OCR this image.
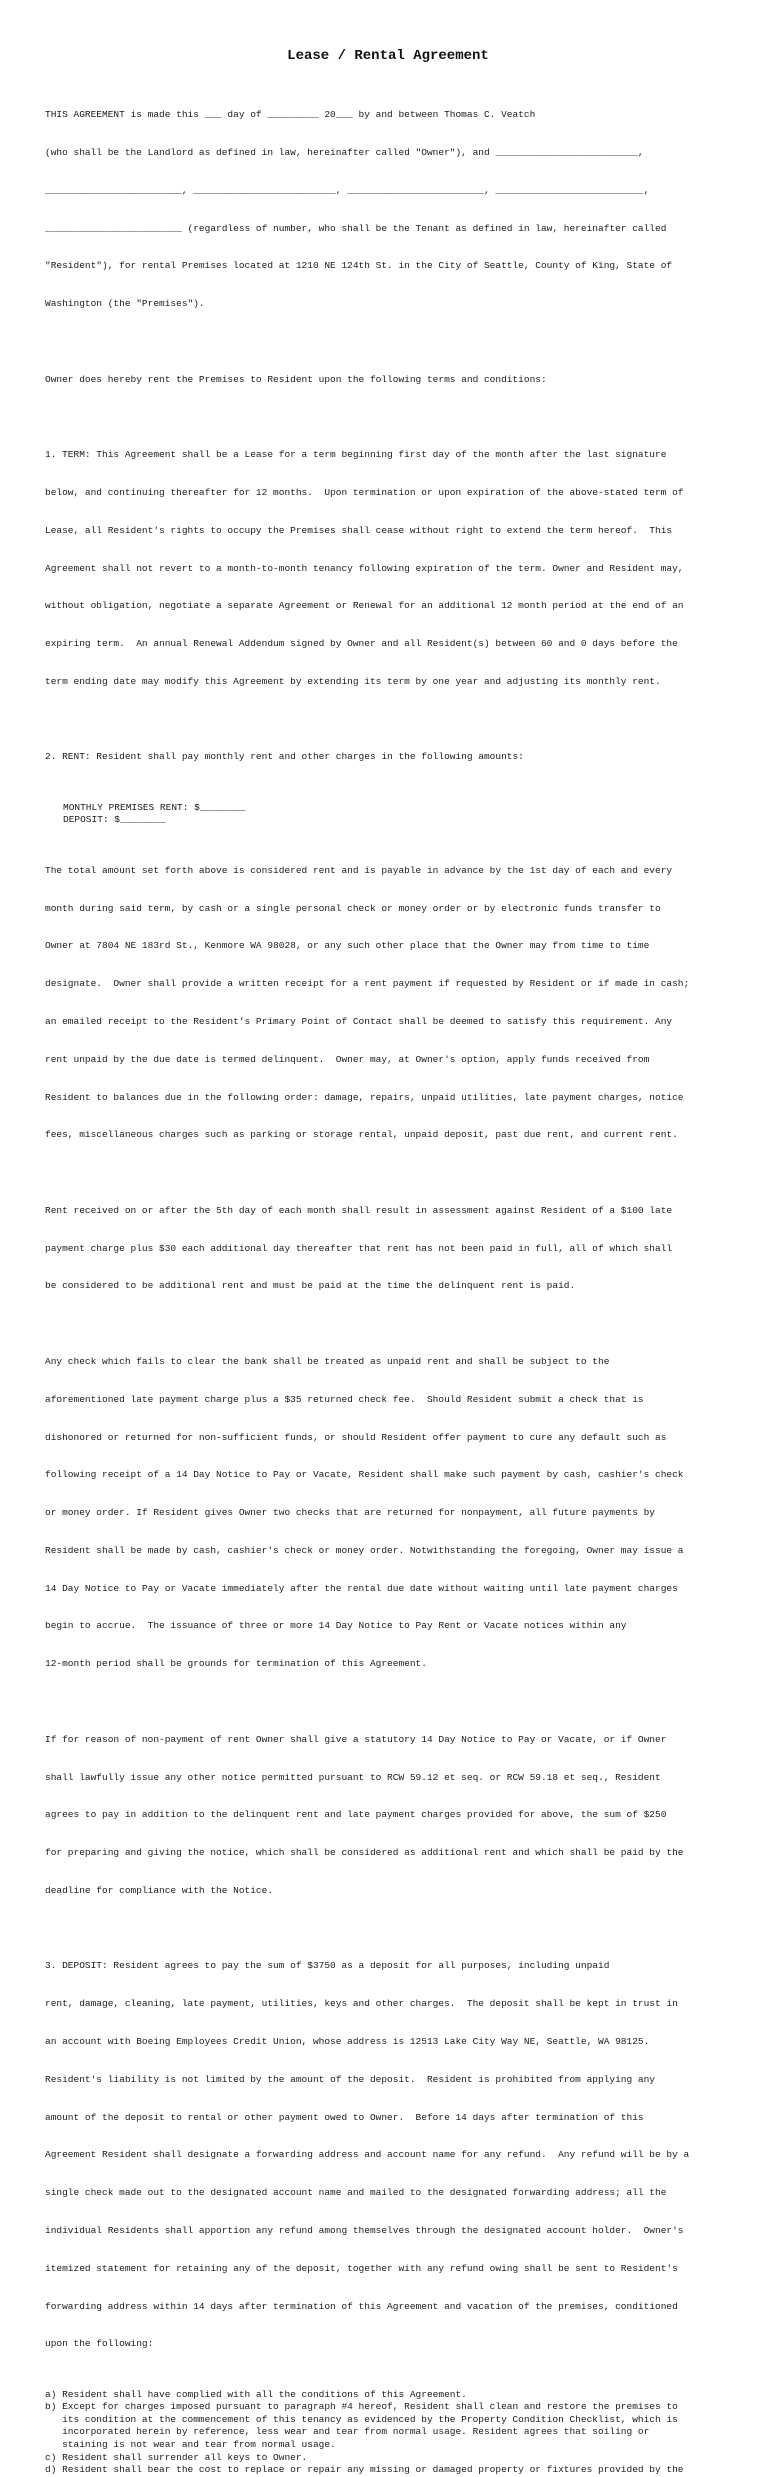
Lease / Rental Agreement

THIS AGREEMENT is made this ___ day of _________ 20___ by and between Thomas C. Veatch

(who shall be the Landlord as defined in law, hereinafter called "Owner"), and _________________________,

________________________, _________________________, ________________________, __________________________,

________________________ (regardless of number, who shall be the Tenant as defined in law, hereinafter called

"Resident"), for rental Premises located at 1210 NE 124th St. in the City of Seattle, County of King, State of

Washington (the "Premises").

Owner does hereby rent the Premises to Resident upon the following terms and conditions:

1. TERM: This Agreement shall be a Lease for a term beginning first day of the month after the last signature

below, and continuing thereafter for 12 months.  Upon termination or upon expiration of the above-stated term of

Lease, all Resident's rights to occupy the Premises shall cease without right to extend the term hereof.  This

Agreement shall not revert to a month-to-month tenancy following expiration of the term. Owner and Resident may,

without obligation, negotiate a separate Agreement or Renewal for an additional 12 month period at the end of an

expiring term.  An annual Renewal Addendum signed by Owner and all Resident(s) between 60 and 0 days before the

term ending date may modify this Agreement by extending its term by one year and adjusting its monthly rent.

2. RENT: Resident shall pay monthly rent and other charges in the following amounts:

MONTHLY PREMISES RENT: $________
DEPOSIT: $________

The total amount set forth above is considered rent and is payable in advance by the 1st day of each and every

month during said term, by cash or a single personal check or money order or by electronic funds transfer to

Owner at 7804 NE 183rd St., Kenmore WA 98028, or any such other place that the Owner may from time to time

designate.  Owner shall provide a written receipt for a rent payment if requested by Resident or if made in cash;

an emailed receipt to the Resident’s Primary Point of Contact shall be deemed to satisfy this requirement. Any

rent unpaid by the due date is termed delinquent.  Owner may, at Owner's option, apply funds received from

Resident to balances due in the following order: damage, repairs, unpaid utilities, late payment charges, notice

fees, miscellaneous charges such as parking or storage rental, unpaid deposit, past due rent, and current rent.

Rent received on or after the 5th day of each month shall result in assessment against Resident of a $100 late

payment charge plus $30 each additional day thereafter that rent has not been paid in full, all of which shall

be considered to be additional rent and must be paid at the time the delinquent rent is paid.

Any check which fails to clear the bank shall be treated as unpaid rent and shall be subject to the

aforementioned late payment charge plus a $35 returned check fee.  Should Resident submit a check that is

dishonored or returned for non-sufficient funds, or should Resident offer payment to cure any default such as

following receipt of a 14 Day Notice to Pay or Vacate, Resident shall make such payment by cash, cashier's check

or money order. If Resident gives Owner two checks that are returned for nonpayment, all future payments by

Resident shall be made by cash, cashier's check or money order. Notwithstanding the foregoing, Owner may issue a

14 Day Notice to Pay or Vacate immediately after the rental due date without waiting until late payment charges

begin to accrue.  The issuance of three or more 14 Day Notice to Pay Rent or Vacate notices within any

12-month period shall be grounds for termination of this Agreement.

If for reason of non-payment of rent Owner shall give a statutory 14 Day Notice to Pay or Vacate, or if Owner

shall lawfully issue any other notice permitted pursuant to RCW 59.12 et seq. or RCW 59.18 et seq., Resident

agrees to pay in addition to the delinquent rent and late payment charges provided for above, the sum of $250

for preparing and giving the notice, which shall be considered as additional rent and which shall be paid by the

deadline for compliance with the Notice.

3. DEPOSIT: Resident agrees to pay the sum of $3750 as a deposit for all purposes, including unpaid

rent, damage, cleaning, late payment, utilities, keys and other charges.  The deposit shall be kept in trust in

an account with Boeing Employees Credit Union, whose address is 12513 Lake City Way NE, Seattle, WA 98125.

Resident's liability is not limited by the amount of the deposit.  Resident is prohibited from applying any

amount of the deposit to rental or other payment owed to Owner.  Before 14 days after termination of this

Agreement Resident shall designate a forwarding address and account name for any refund.  Any refund will be by a

single check made out to the designated account name and mailed to the designated forwarding address; all the

individual Residents shall apportion any refund among themselves through the designated account holder.  Owner's

itemized statement for retaining any of the deposit, together with any refund owing shall be sent to Resident's

forwarding address within 14 days after termination of this Agreement and vacation of the premises, conditioned

upon the following:

a) Resident shall have complied with all the conditions of this Agreement.
b) Except for charges imposed pursuant to paragraph #4 hereof, Resident shall clean and restore the premises to
its condition at the commencement of this tenancy as evidenced by the Property Condition Checklist, which is
incorporated herein by reference, less wear and tear from normal usage. Resident agrees that soiling or
staining is not wear and tear from normal usage.
c) Resident shall surrender all keys to Owner.
d) Resident shall bear the cost to replace or repair any missing or damaged property or fixtures provided by the
